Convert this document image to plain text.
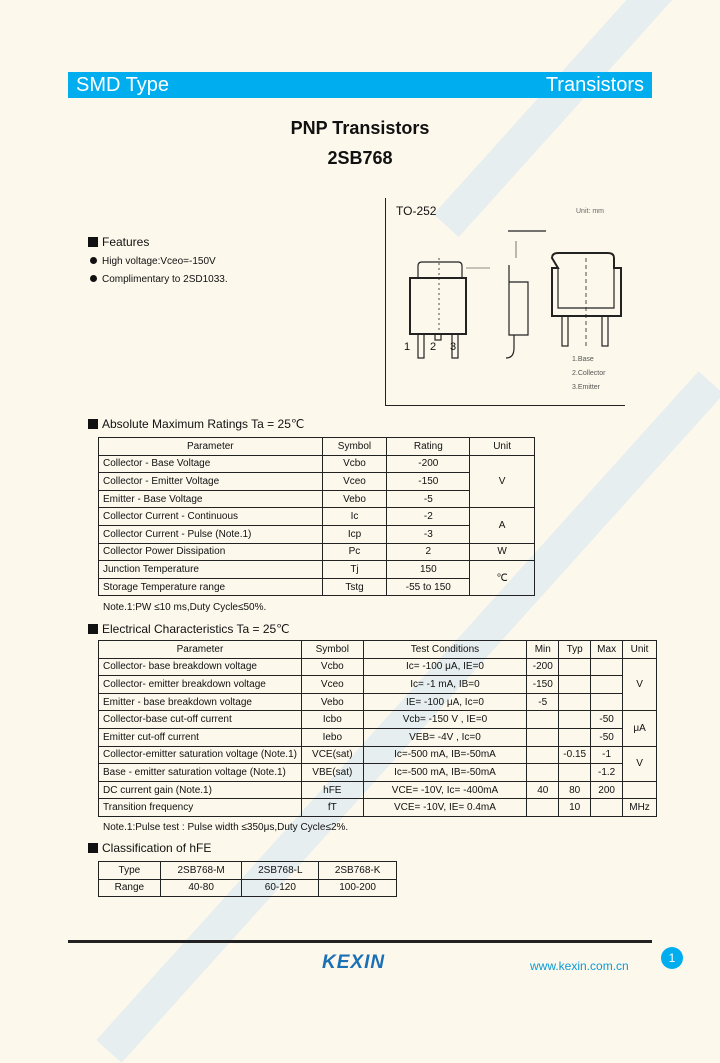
SMD Type	Transistors
PNP Transistors
2SB768
Features
High voltage:Vceo=-150V
Complimentary to 2SD1033.
TO-252	Unit: mm
1 2 3
1.Base
2.Collector
3.Emitter
Absolute Maximum Ratings Ta = 25℃
Parameter	Symbol	Rating	Unit
Collector - Base Voltage	Vcbo	-200	V
Collector - Emitter Voltage	Vceo	-150	
Emitter - Base Voltage	Vebo	-5	
Collector Current - Continuous	Ic	-2	A
Collector Current - Pulse (Note.1)	Icp	-3	
Collector Power Dissipation	Pc	2	W
Junction Temperature	Tj	150	℃
Storage Temperature range	Tstg	-55 to 150	
Note.1:PW ≤10 ms,Duty Cycle≤50%.
Electrical Characteristics Ta = 25℃
Parameter	Symbol	Test Conditions	Min	Typ	Max	Unit
Collector- base breakdown voltage	Vcbo	Ic= -100 μA, IE=0	-200			V
Collector- emitter breakdown voltage	Vceo	Ic= -1 mA, IB=0	-150			
Emitter - base breakdown voltage	Vebo	IE= -100 μA, Ic=0	-5			
Collector-base cut-off current	Icbo	Vcb= -150 V , IE=0			-50	μA
Emitter cut-off current	Iebo	VEB= -4V , Ic=0			-50	
Collector-emitter saturation voltage (Note.1)	VCE(sat)	Ic=-500 mA, IB=-50mA		-0.15	-1	V
Base - emitter saturation voltage (Note.1)	VBE(sat)	Ic=-500 mA, IB=-50mA			-1.2	
DC current gain (Note.1)	hFE	VCE= -10V, Ic= -400mA	40	80	200	
Transition frequency	fT	VCE= -10V, IE= 0.4mA		10		MHz
Note.1:Pulse test : Pulse width ≤350μs,Duty Cycle≤2%.
Classification of hFE
Type	2SB768-M	2SB768-L	2SB768-K
Range	40-80	60-120	100-200
KEXIN	www.kexin.com.cn
1
